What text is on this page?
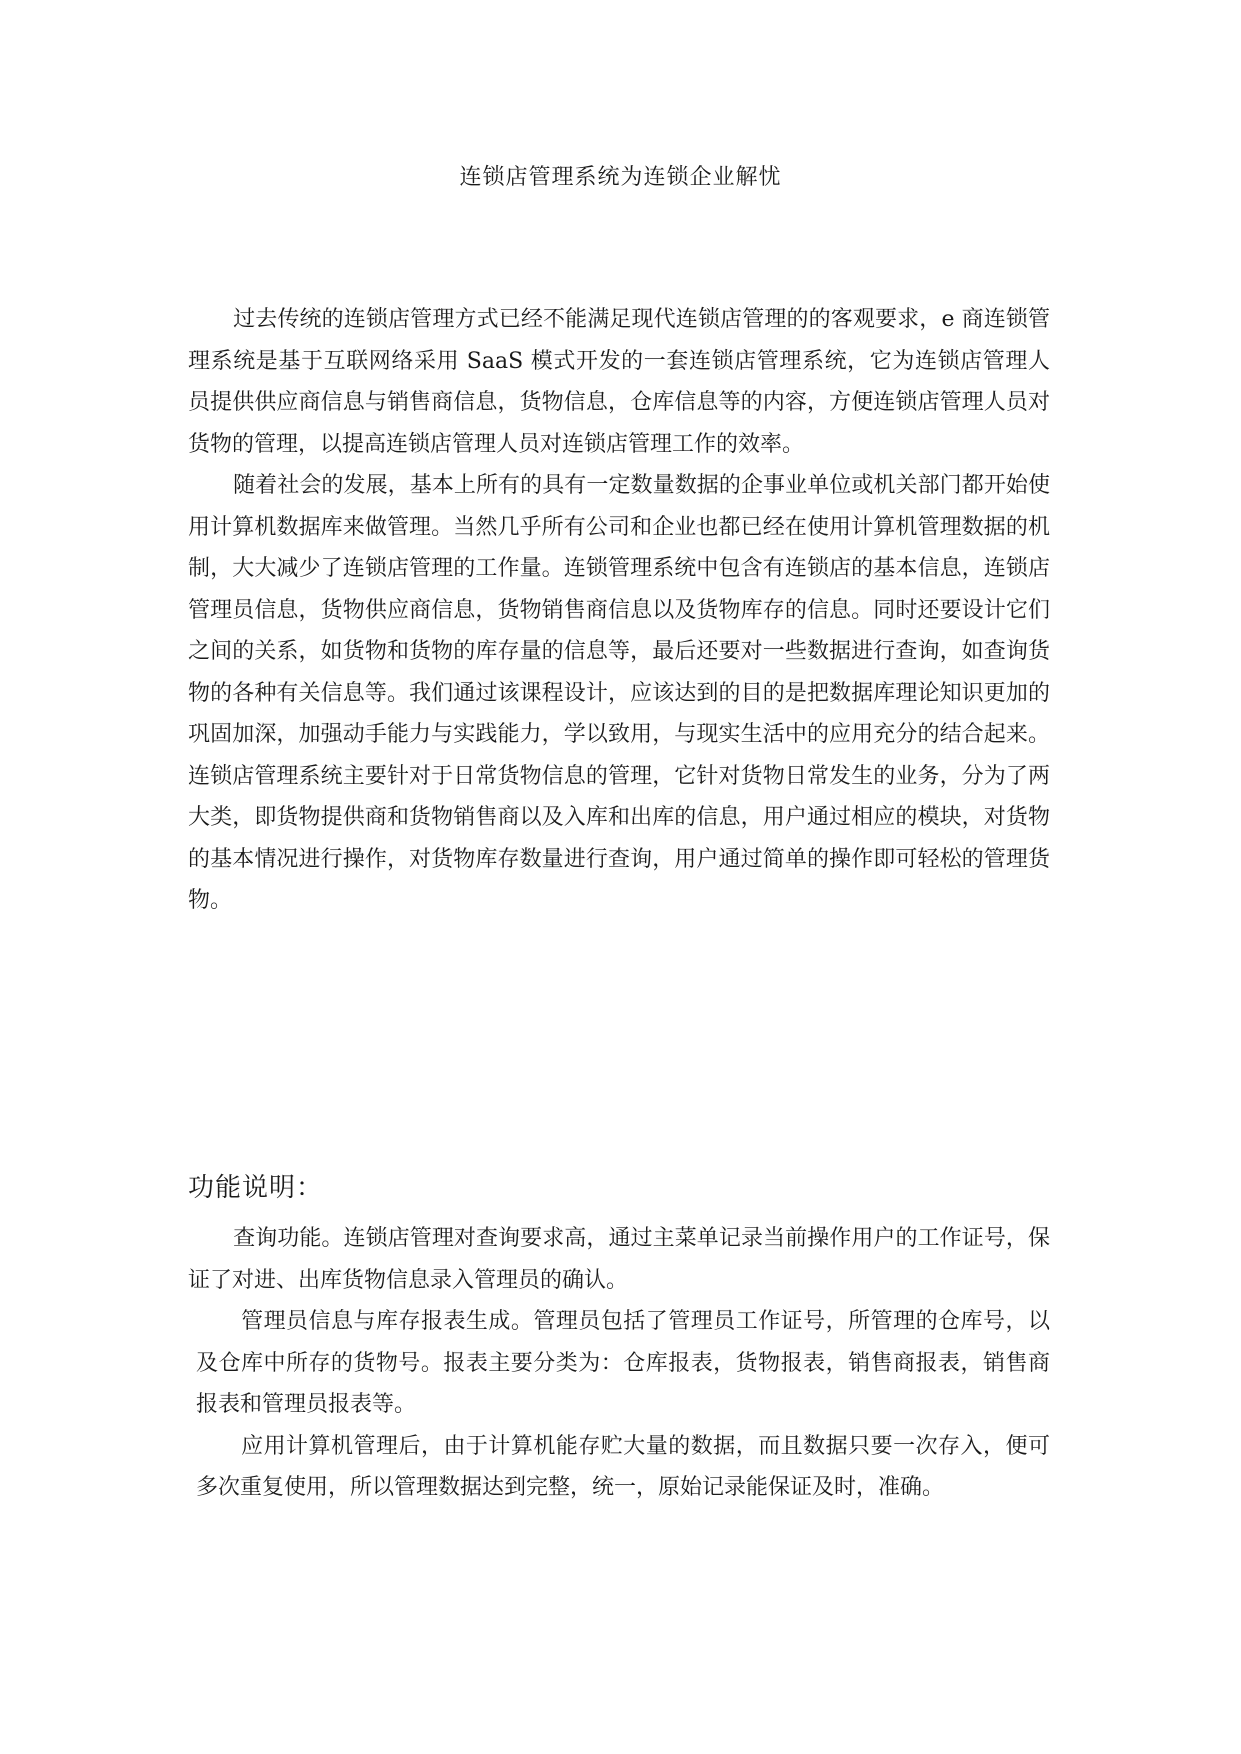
连锁店管理系统为连锁企业解忧

过去传统的连锁店管理方式已经不能满足现代连锁店管理的的客观要求，e 商连锁管理系统是基于互联网络采用 SaaS 模式开发的一套连锁店管理系统，它为连锁店管理人员提供供应商信息与销售商信息，货物信息，仓库信息等的内容，方便连锁店管理人员对货物的管理，以提高连锁店管理人员对连锁店管理工作的效率。

随着社会的发展，基本上所有的具有一定数量数据的企事业单位或机关部门都开始使用计算机数据库来做管理。当然几乎所有公司和企业也都已经在使用计算机管理数据的机制，大大减少了连锁店管理的工作量。连锁管理系统中包含有连锁店的基本信息，连锁店管理员信息，货物供应商信息，货物销售商信息以及货物库存的信息。同时还要设计它们之间的关系，如货物和货物的库存量的信息等，最后还要对一些数据进行查询，如查询货物的各种有关信息等。我们通过该课程设计，应该达到的目的是把数据库理论知识更加的巩固加深，加强动手能力与实践能力，学以致用，与现实生活中的应用充分的结合起来。连锁店管理系统主要针对于日常货物信息的管理，它针对货物日常发生的业务，分为了两大类，即货物提供商和货物销售商以及入库和出库的信息，用户通过相应的模块，对货物的基本情况进行操作，对货物库存数量进行查询，用户通过简单的操作即可轻松的管理货物。

功能说明：

查询功能。连锁店管理对查询要求高，通过主菜单记录当前操作用户的工作证号，保证了对进、出库货物信息录入管理员的确认。

管理员信息与库存报表生成。管理员包括了管理员工作证号，所管理的仓库号，以及仓库中所存的货物号。报表主要分类为：仓库报表，货物报表，销售商报表，销售商报表和管理员报表等。

应用计算机管理后，由于计算机能存贮大量的数据，而且数据只要一次存入，便可多次重复使用，所以管理数据达到完整，统一，原始记录能保证及时，准确。
